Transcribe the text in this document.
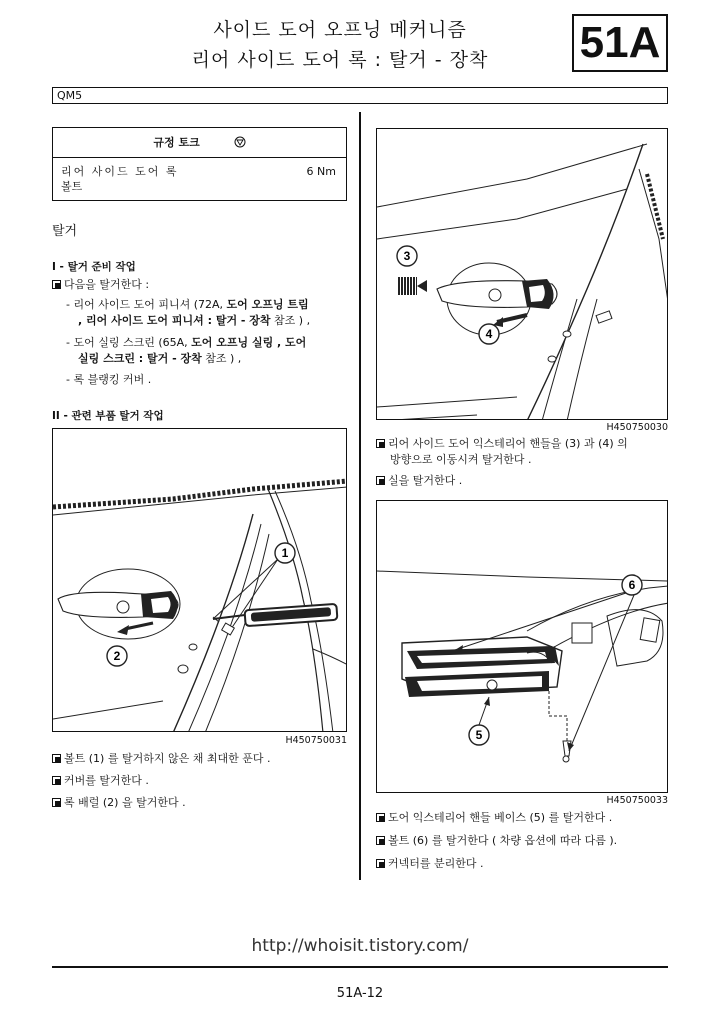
사이드 도어 오프닝 메커니즘
리어 사이드 도어 록 : 탈거 - 장착	51A
QM5
규정 토크
리어 사이드 도어 록
볼트
6 Nm
탈거
I - 탈거 준비 작업
다음을 탈거한다 :
- 리어 사이드 도어 피니셔 (72A, 도어 오프닝 트림
, 리어 사이드 도어 피니셔 : 탈거 - 장착 참조 ) ,
- 도어 실링 스크린 (65A, 도어 오프닝 실링 , 도어
실링 스크린 : 탈거 - 장착 참조 ) ,
- 록 블랭킹 커버 .
II - 관련 부품 탈거 작업
1
2
H450750031
볼트 (1) 를 탈거하지 않은 채 최대한 푼다 .
커버를 탈거한다 .
록 배럴 (2) 을 탈거한다 .
3
4
H450750030
리어 사이드 도어 익스테리어 핸들을 (3) 과 (4) 의
방향으로 이동시켜 탈거한다 .
실을 탈거한다 .
6
5
H450750033
도어 익스테리어 핸들 베이스 (5) 를 탈거한다 .
볼트 (6) 를 탈거한다 ( 차량 옵션에 따라 다름 ).
커넥터를 분리한다 .
http://whoisit.tistory.com/
51A-12
